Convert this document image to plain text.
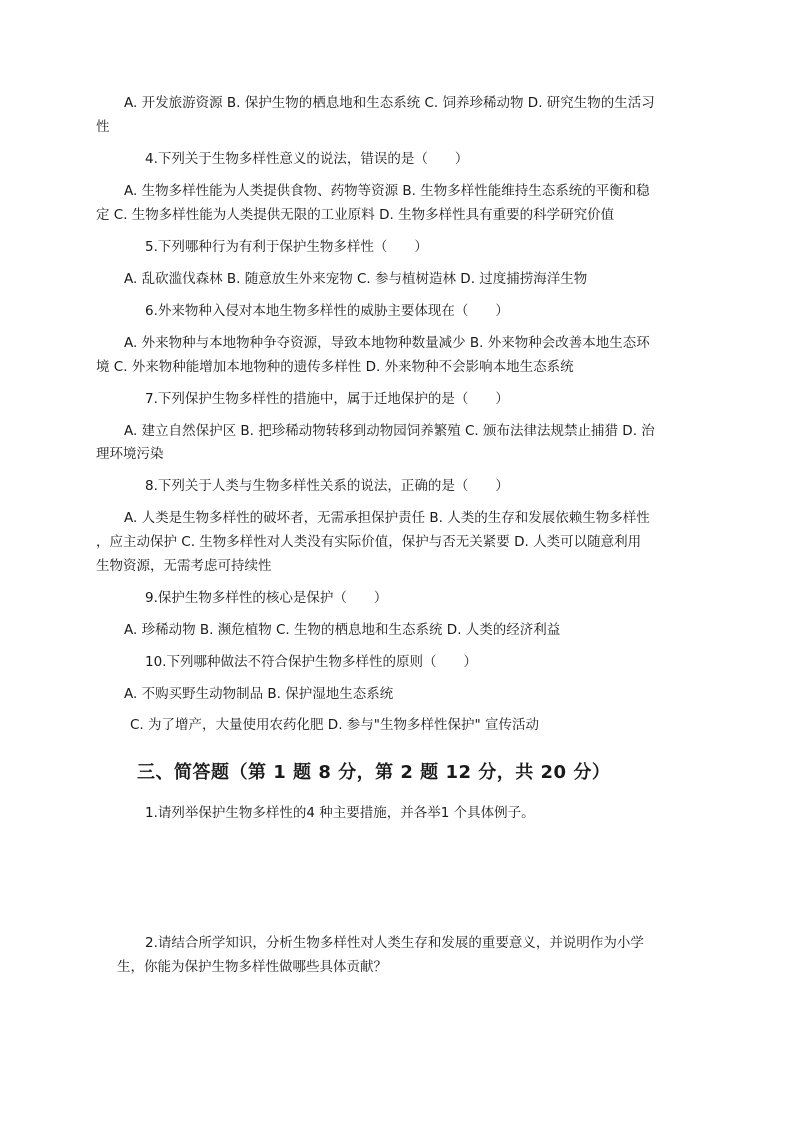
A. 开发旅游资源 B. 保护生物的栖息地和生态系统 C. 饲养珍稀动物 D. 研究生物的生活习
性
4.下列关于生物多样性意义的说法，错误的是（　　）
A. 生物多样性能为人类提供食物、药物等资源 B. 生物多样性能维持生态系统的平衡和稳
定 C. 生物多样性能为人类提供无限的工业原料 D. 生物多样性具有重要的科学研究价值
5.下列哪种行为有利于保护生物多样性（　　）
A. 乱砍滥伐森林 B. 随意放生外来宠物 C. 参与植树造林 D. 过度捕捞海洋生物
6.外来物种入侵对本地生物多样性的威胁主要体现在（　　）
A. 外来物种与本地物种争夺资源，导致本地物种数量减少 B. 外来物种会改善本地生态环
境 C. 外来物种能增加本地物种的遗传多样性 D. 外来物种不会影响本地生态系统
7.下列保护生物多样性的措施中，属于迁地保护的是（　　）
A. 建立自然保护区 B. 把珍稀动物转移到动物园饲养繁殖 C. 颁布法律法规禁止捕猎 D. 治
理环境污染
8.下列关于人类与生物多样性关系的说法，正确的是（　　）
A. 人类是生物多样性的破坏者，无需承担保护责任 B. 人类的生存和发展依赖生物多样性
，应主动保护 C. 生物多样性对人类没有实际价值，保护与否无关紧要 D. 人类可以随意利用
生物资源，无需考虑可持续性
9.保护生物多样性的核心是保护（　　）
A. 珍稀动物 B. 濒危植物 C. 生物的栖息地和生态系统 D. 人类的经济利益
10.下列哪种做法不符合保护生物多样性的原则（　　）
A. 不购买野生动物制品 B. 保护湿地生态系统
C. 为了增产，大量使用农药化肥 D. 参与"生物多样性保护" 宣传活动
三、简答题（第 1 题 8 分，第 2 题 12 分，共 20 分）
1.请列举保护生物多样性的4 种主要措施，并各举1 个具体例子。
2.请结合所学知识，分析生物多样性对人类生存和发展的重要意义，并说明作为小学
生，你能为保护生物多样性做哪些具体贡献？
